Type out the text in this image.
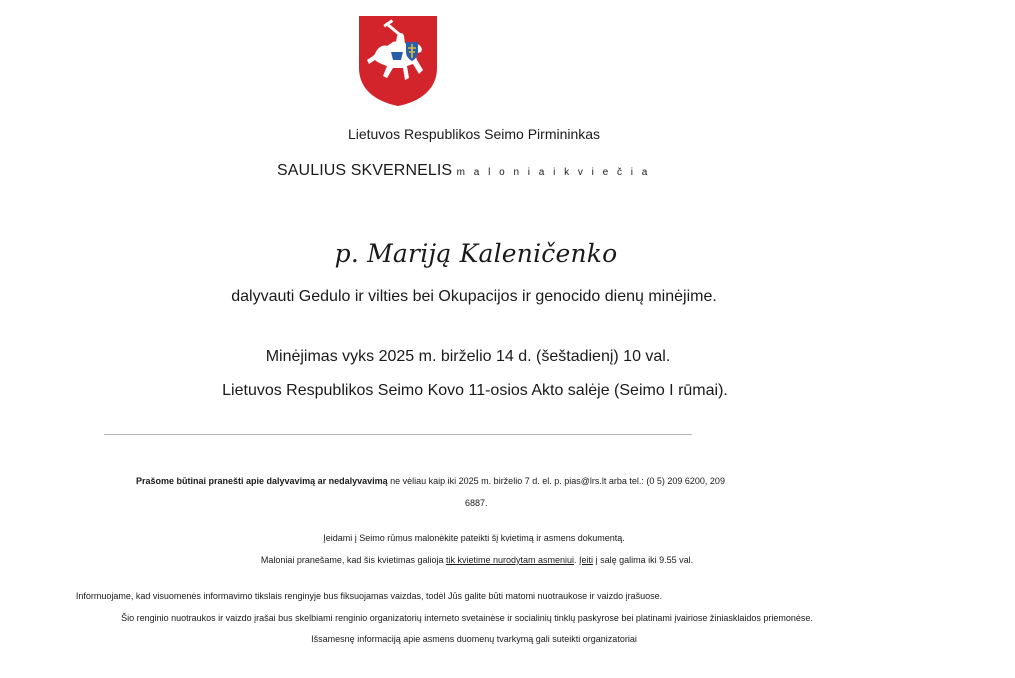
Lietuvos Respublikos Seimo Pirmininkas
SAULIUS SKVERNELIS m a l o n i a i k v i e č i a
p. Mariją Kaleničenko
dalyvauti Gedulo ir vilties bei Okupacijos ir genocido dienų minėjime.
Minėjimas vyks 2025 m. birželio 14 d. (šeštadienį) 10 val.
Lietuvos Respublikos Seimo Kovo 11-osios Akto salėje (Seimo I rūmai).
Prašome būtinai pranešti apie dalyvavimą ar nedalyvavimą ne vėliau kaip iki 2025 m. birželio 7 d. el. p. pias@lrs.lt arba tel.: (0 5) 209 6200, 209
6887.
Įeidami į Seimo rūmus malonėkite pateikti šį kvietimą ir asmens dokumentą.
Maloniai pranešame, kad šis kvietimas galioja tik kvietime nurodytam asmeniui. Įeiti į salę galima iki 9.55 val.
Informuojame, kad visuomenės informavimo tikslais renginyje bus fiksuojamas vaizdas, todėl Jūs galite būti matomi nuotraukose ir vaizdo įrašuose.
Šio renginio nuotraukos ir vaizdo įrašai bus skelbiami renginio organizatorių interneto svetainėse ir socialinių tinklų paskyrose bei platinami įvairiose žiniasklaidos priemonėse.
Išsamesnę informaciją apie asmens duomenų tvarkymą gali suteikti organizatoriai
